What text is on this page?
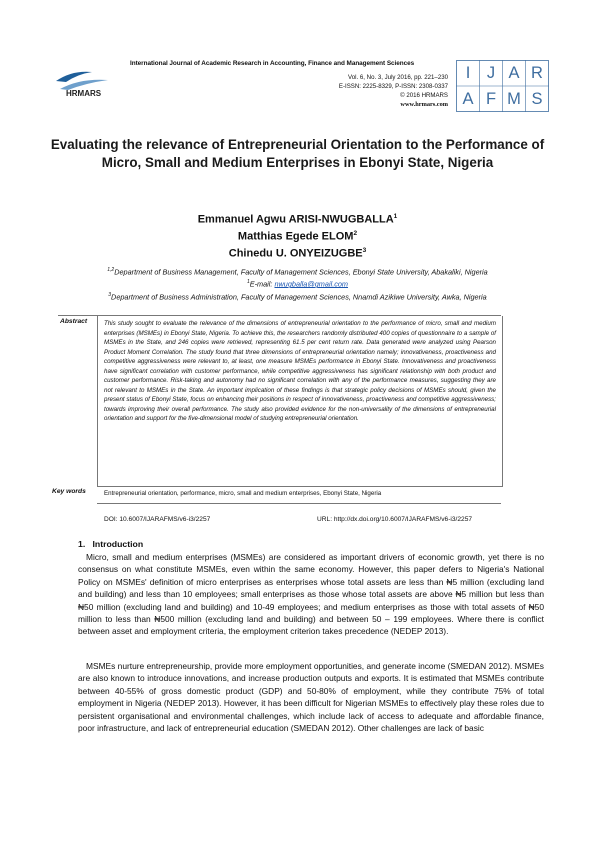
HRMARS
International Journal of Academic Research in Accounting, Finance and Management Sciences
Vol. 6, No. 3, July 2016, pp. 221–230
E-ISSN: 2225-8329, P-ISSN: 2308-0337
© 2016 HRMARS
www.hrmars.com
I	J A R
A F M S
Evaluating the relevance of Entrepreneurial Orientation to the Performance of Micro, Small and Medium Enterprises in Ebonyi State, Nigeria
Emmanuel Agwu ARISI-NWUGBALLA$^1$
Matthias Egede ELOM$^2$
Chinedu U. ONYEIZUGBE$^3$
$^{1,2}$Department of Business Management, Faculty of Management Sciences, Ebonyi State University, Abakaliki, Nigeria
$^1$E-mail: nwugballa@gmail.com
$^3$Department of Business Administration, Faculty of Management Sciences, Nnamdi Azikiwe University, Awka, Nigeria
Abstract	This study sought to evaluate the relevance of the dimensions of entrepreneurial orientation to the performance of micro, small and medium enterprises (MSMEs) in Ebonyi State, Nigeria. To achieve this, the researchers randomly distributed 400 copies of questionnaire to a sample of MSMEs in the State, and 246 copies were retrieved, representing 61.5 per cent return rate. Data generated were analyzed using Pearson Product Moment Correlation. The study found that three dimensions of entrepreneurial orientation namely; innovativeness, proactiveness and competitive aggressiveness were relevant to, at least, one measure MSMEs performance in Ebonyi State. Innovativeness and proactiveness have significant correlation with customer performance, while competitive aggressiveness has significant relationship with both product and customer performance. Risk-taking and autonomy had no significant correlation with any of the performance measures, suggesting they are not relevant to MSMEs in the State. An important implication of these findings is that strategic policy decisions of MSMEs should, given the present status of Ebonyi State, focus on enhancing their positions in respect of innovativeness, proactiveness and competitive aggressiveness; towards improving their overall performance. The study also provided evidence for the non-universality of the dimensions of entrepreneurial orientation and support for the five-dimensional model of studying entrepreneurial orientation.
Key words	Entrepreneurial orientation, performance, micro, small and medium enterprises, Ebonyi State, Nigeria
DOI: 10.6007/IJARAFMS/v6-i3/2257	URL: http://dx.doi.org/10.6007/IJARAFMS/v6-i3/2257
1. Introduction
Micro, small and medium enterprises (MSMEs) are considered as important drivers of economic growth, yet there is no consensus on what constitute MSMEs, even within the same economy. However, this paper defers to Nigeria's National Policy on MSMEs' definition of micro enterprises as enterprises whose total assets are less than ₦5 million (excluding land and building) and less than 10 employees; small enterprises as those whose total assets are above ₦5 million but less than ₦50 million (excluding land and building) and 10-49 employees; and medium enterprises as those with total assets of ₦50 million to less than ₦500 million (excluding land and building) and between 50 – 199 employees. Where there is conflict between asset and employment criteria, the employment criterion takes precedence (NEDEP 2013).
MSMEs nurture entrepreneurship, provide more employment opportunities, and generate income (SMEDAN 2012). MSMEs are also known to introduce innovations, and increase production outputs and exports. It is estimated that MSMEs contribute between 40-55% of gross domestic product (GDP) and 50-80% of employment, while they contribute 75% of total employment in Nigeria (NEDEP 2013). However, it has been difficult for Nigerian MSMEs to effectively play these roles due to persistent organisational and environmental challenges, which include lack of access to adequate and affordable finance, poor infrastructure, and lack of entrepreneurial education (SMEDAN 2012). Other challenges are lack of basic
